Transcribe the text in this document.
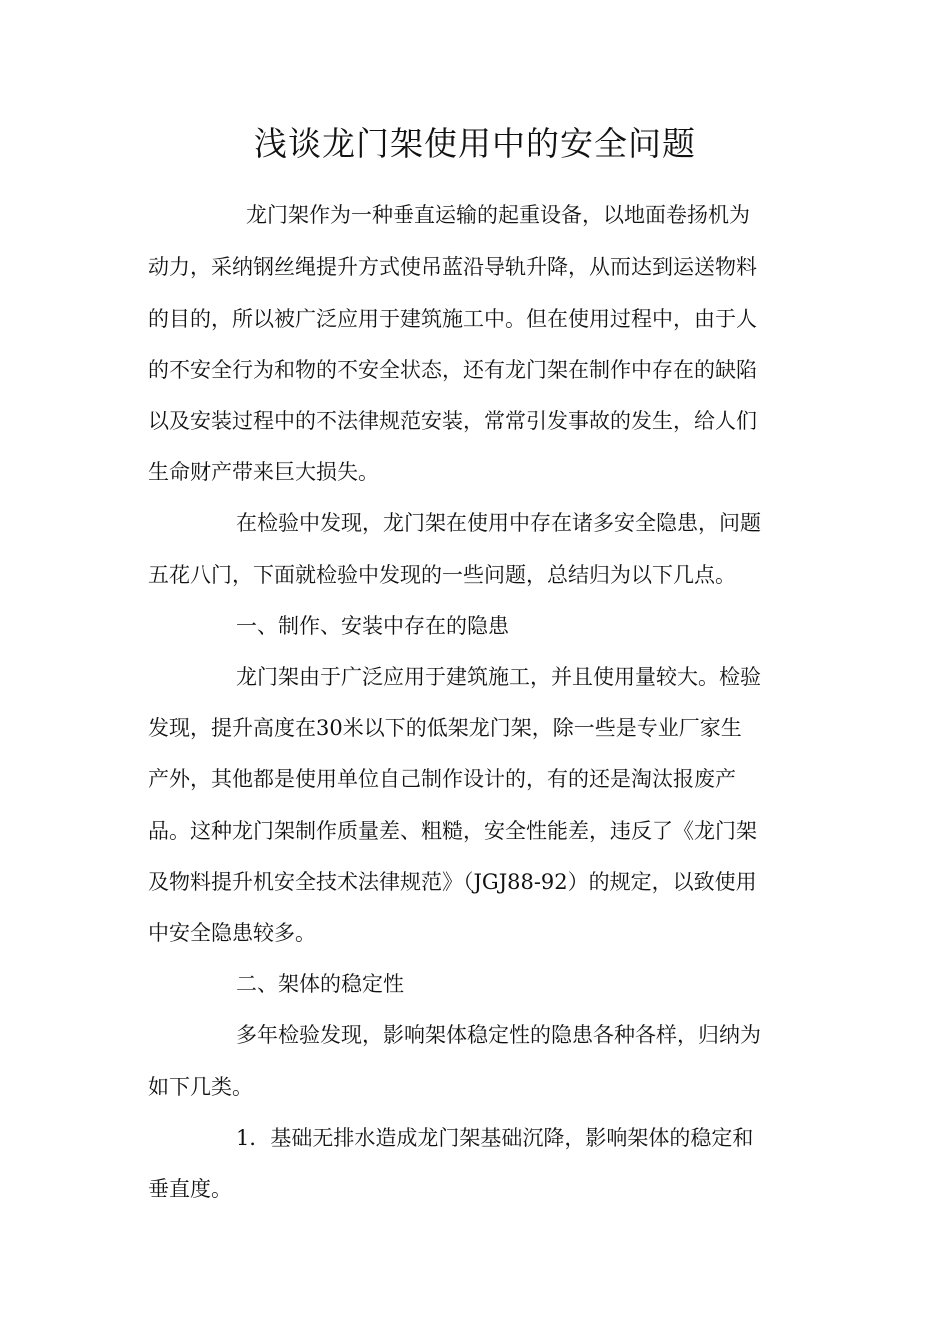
浅谈龙门架使用中的安全问题

龙门架作为一种垂直运输的起重设备，以地面卷扬机为

动力，采纳钢丝绳提升方式使吊蓝沿导轨升降，从而达到运送物料

的目的，所以被广泛应用于建筑施工中。但在使用过程中，由于人

的不安全行为和物的不安全状态，还有龙门架在制作中存在的缺陷

以及安装过程中的不法律规范安装，常常引发事故的发生，给人们

生命财产带来巨大损失。

在检验中发现，龙门架在使用中存在诸多安全隐患，问题

五花八门，下面就检验中发现的一些问题，总结归为以下几点。

一、制作、安装中存在的隐患

龙门架由于广泛应用于建筑施工，并且使用量较大。检验

发现，提升高度在30米以下的低架龙门架，除一些是专业厂家生

产外，其他都是使用单位自己制作设计的，有的还是淘汰报废产

品。这种龙门架制作质量差、粗糙，安全性能差，违反了《龙门架

及物料提升机安全技术法律规范》（JGJ88-92）的规定，以致使用

中安全隐患较多。

二、架体的稳定性

多年检验发现，影响架体稳定性的隐患各种各样，归纳为

如下几类。

1．基础无排水造成龙门架基础沉降，影响架体的稳定和

垂直度。
